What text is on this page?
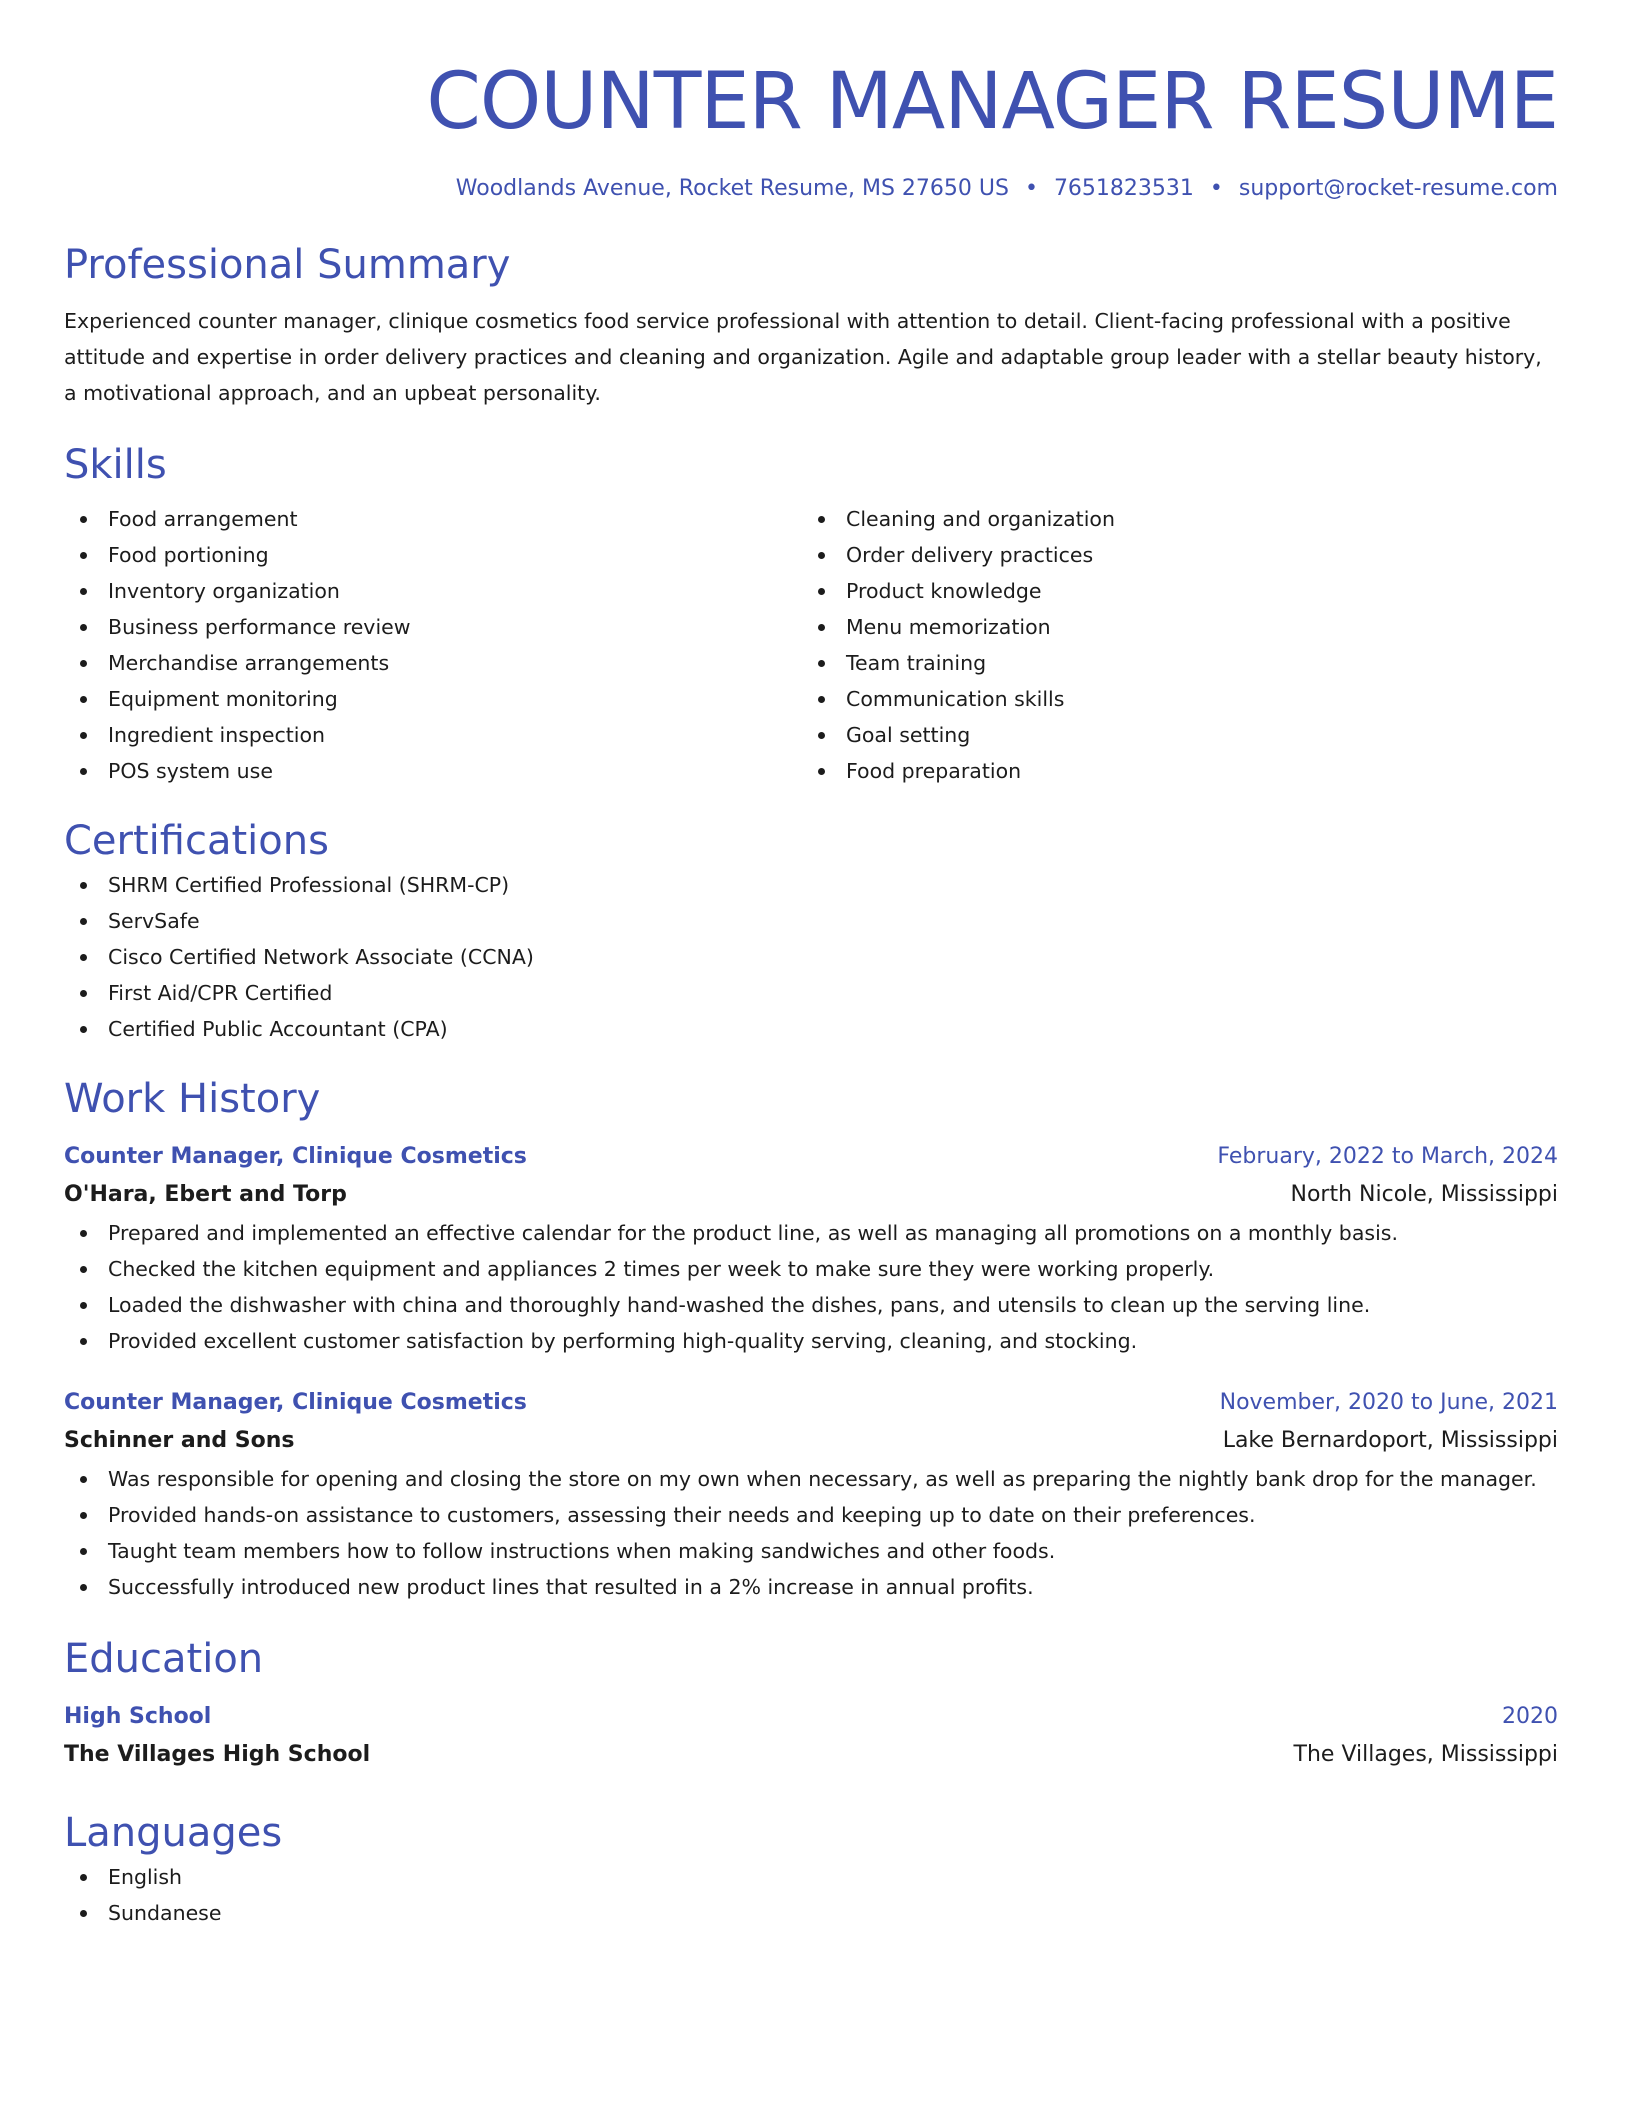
COUNTER MANAGER RESUME
Woodlands Avenue, Rocket Resume, MS 27650 US • 7651823531 • support@rocket-resume.com
Professional Summary
Experienced counter manager, clinique cosmetics food service professional with attention to detail. Client-facing professional with a positive attitude and expertise in order delivery practices and cleaning and organization. Agile and adaptable group leader with a stellar beauty history, a motivational approach, and an upbeat personality.
Skills
Food arrangement
Food portioning
Inventory organization
Business performance review
Merchandise arrangements
Equipment monitoring
Ingredient inspection
POS system use
Cleaning and organization
Order delivery practices
Product knowledge
Menu memorization
Team training
Communication skills
Goal setting
Food preparation
Certifications
SHRM Certified Professional (SHRM-CP)
ServSafe
Cisco Certified Network Associate (CCNA)
First Aid/CPR Certified
Certified Public Accountant (CPA)
Work History
Counter Manager, Clinique Cosmetics	February, 2022 to March, 2024
O'Hara, Ebert and Torp	North Nicole, Mississippi
Prepared and implemented an effective calendar for the product line, as well as managing all promotions on a monthly basis.
Checked the kitchen equipment and appliances 2 times per week to make sure they were working properly.
Loaded the dishwasher with china and thoroughly hand-washed the dishes, pans, and utensils to clean up the serving line.
Provided excellent customer satisfaction by performing high-quality serving, cleaning, and stocking.
Counter Manager, Clinique Cosmetics	November, 2020 to June, 2021
Schinner and Sons	Lake Bernardoport, Mississippi
Was responsible for opening and closing the store on my own when necessary, as well as preparing the nightly bank drop for the manager.
Provided hands-on assistance to customers, assessing their needs and keeping up to date on their preferences.
Taught team members how to follow instructions when making sandwiches and other foods.
Successfully introduced new product lines that resulted in a 2% increase in annual profits.
Education
High School	2020
The Villages High School	The Villages, Mississippi
Languages
English
Sundanese
